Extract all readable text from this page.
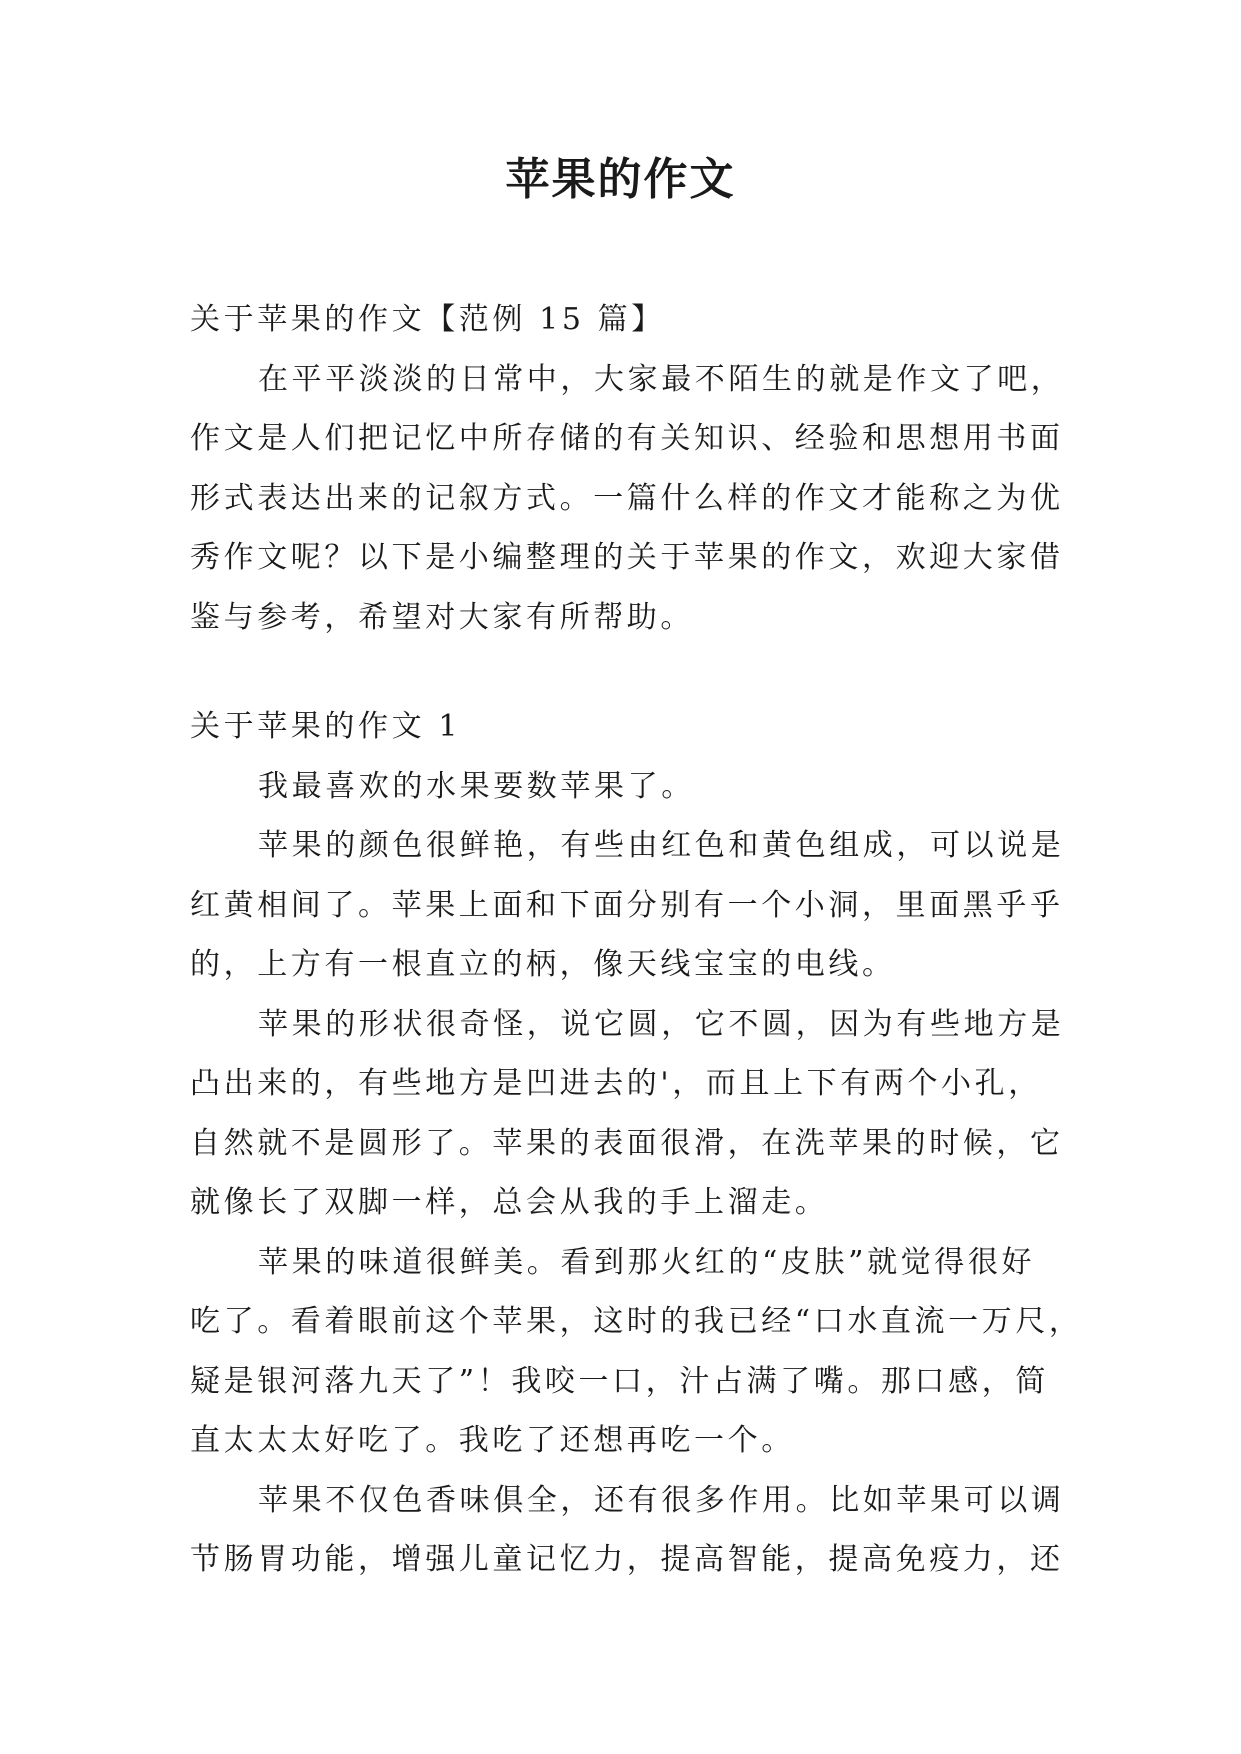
苹果的作文

关于苹果的作文【范例 15 篇】

在平平淡淡的日常中，大家最不陌生的就是作文了吧，

作文是人们把记忆中所存储的有关知识、经验和思想用书面

形式表达出来的记叙方式。一篇什么样的作文才能称之为优

秀作文呢？以下是小编整理的关于苹果的作文，欢迎大家借

鉴与参考，希望对大家有所帮助。

关于苹果的作文 1

我最喜欢的水果要数苹果了。

苹果的颜色很鲜艳，有些由红色和黄色组成，可以说是

红黄相间了。苹果上面和下面分别有一个小洞，里面黑乎乎

的，上方有一根直立的柄，像天线宝宝的电线。

苹果的形状很奇怪，说它圆，它不圆，因为有些地方是

凸出来的，有些地方是凹进去的'，而且上下有两个小孔，

自然就不是圆形了。苹果的表面很滑，在洗苹果的时候，它

就像长了双脚一样，总会从我的手上溜走。

苹果的味道很鲜美。看到那火红的“皮肤”就觉得很好

吃了。看着眼前这个苹果，这时的我已经“口水直流一万尺，

疑是银河落九天了”！我咬一口，汁占满了嘴。那口感，简

直太太太好吃了。我吃了还想再吃一个。

苹果不仅色香味俱全，还有很多作用。比如苹果可以调

节肠胃功能，增强儿童记忆力，提高智能，提高免疫力，还
